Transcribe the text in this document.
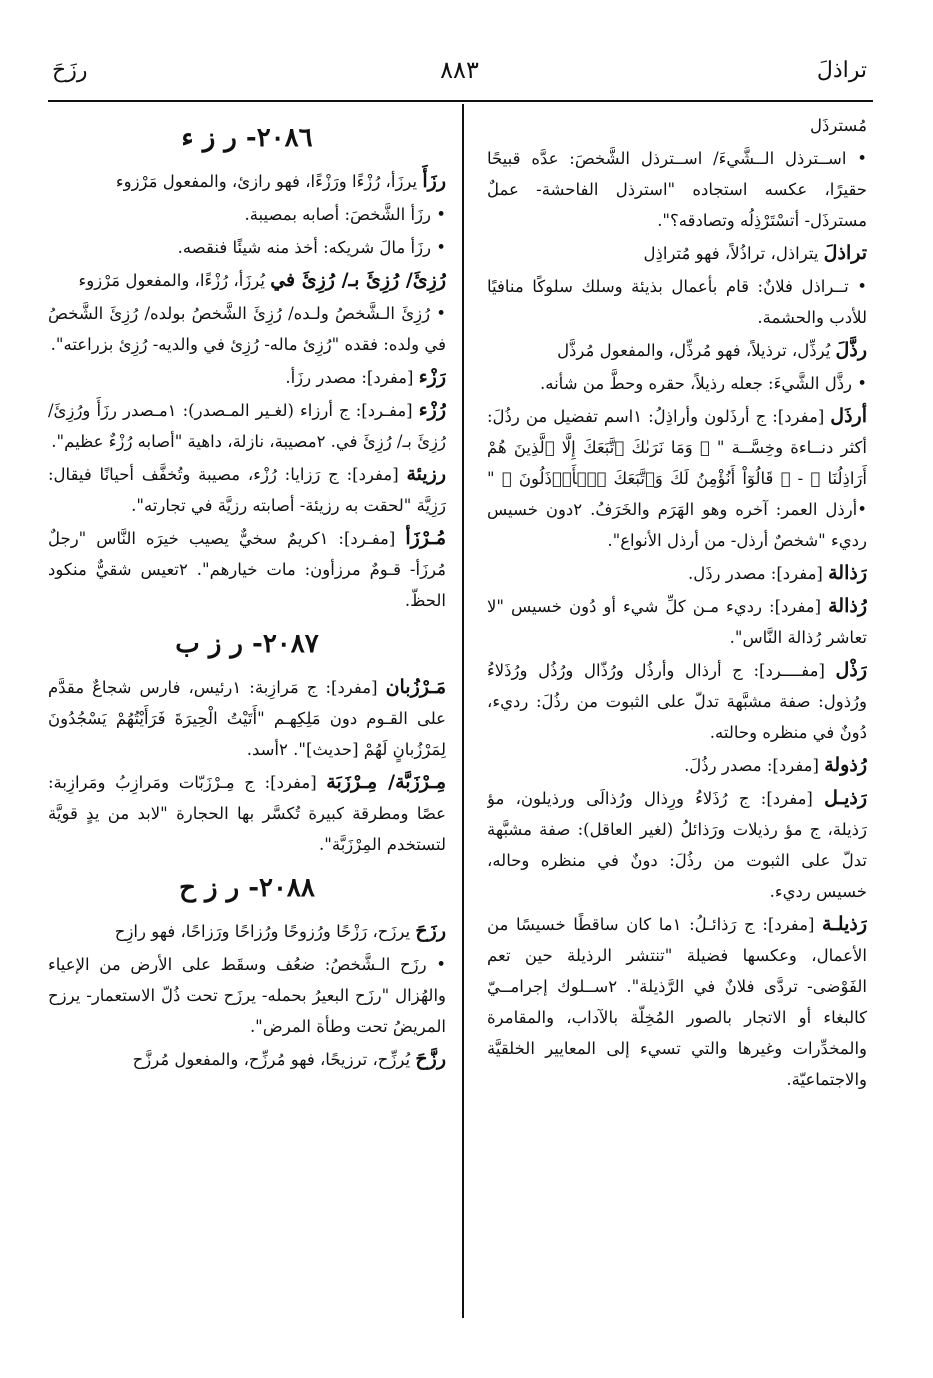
تراذلَ
٨٨٣
رزَحَ

مُسترذَل

• اســترذل الــشَّيءَ/ اســترذل الشَّخصَ: عدَّه قبيحًا حقيرًا، عكسه استجاده "استرذل الفاحشة- عملٌ مسترذَل- أتسْتَرْذِلُه وتصادقه؟".

تراذلَ يتراذل، تراذُلاً، فهو مُتراذِل

• تــراذل فلانٌ: قام بأعمال بذيئة وسلك سلوكًا منافيًا للأدب والحشمة.

رذَّلَ يُرذِّل، ترذيلاً، فهو مُرذِّل، والمفعول مُرذَّل

• رذَّل الشَّيءَ: جعله رذيلاً، حقره وحطَّ من شأنه.

أرذَل [مفرد]: ج أرذَلون وأراذِلُ: ١اسم تفضيل من رذُلَ: أكثر دنــاءة وخِسَّــة " ﴿ وَمَا نَرَىٰكَ ٱتَّبَعَكَ إِلَّا ٱلَّذِينَ هُمْ أَرَاذِلُنَا ﴾ - ﴿ قَالُوٓاْ أَنُؤْمِنُ لَكَ وَٱتَّبَعَكَ ٱلۡأَرۡذَلُونَ ﴾ " •أرذل العمر: آخره وهو الهَرَم والخَرَفُ. ٢دون خسيس رديء "شخصٌ أرذل- من أرذل الأنواع".

رَذالة [مفرد]: مصدر رذَل.

رُذالة [مفرد]: رديء مـن كلِّ شيء أو دُون خسيس "لا تعاشر رُذالة النَّاس".

رَذْل [مفــــرد]: ج أرذال وأرذُل ورُذّال ورُذُل ورُذَلاءُ ورُذول: صفة مشبَّهة تدلّ على الثبوت من رذُلَ: رديء، دُونٌ في منظره وحالته.

رُذولة [مفرد]: مصدر رذُلَ.

رَذيـل [مفرد]: ج رُذَلاءُ ورِذال ورُذالَى ورذيلون، مؤ رَذيلة، ج مؤ رذيلات ورَذائلُ (لغير العاقل): صفة مشبَّهة تدلّ على الثبوت من رذُلَ: دونٌ في منظره وحاله، خسيس رديء.

رَذيلـة [مفرد]: ج رَذائـلُ: ١ما كان ساقطًا خسيسًا من الأعمال، وعكسها فضيلة "تنتشر الرذيلة حين تعم الفَوْضى- تردَّى فلانٌ في الرَّذيلة". ٢ســلوك إجرامــيّ كالبغاء أو الاتجار بالصور المُخِلّة بالآداب، والمقامرة والمخدِّرات وغيرها والتي تسيء إلى المعايير الخلقيَّة والاجتماعيّة.

٢٠٨٦- ر ز ء

رزَأَ يرزَأ، رُزْءًا ورَزْءًا، فهو رازئ، والمفعول مَرْزوء

• رزَأ الشَّخصَ: أصابه بمصيبة.

• رزَأ مالَ شريكه: أخذ منه شيئًا فنقصه.

رُزِئَ/ رُزِئَ بـ/ رُزِئَ في يُرزَأ، رُزْءًا، والمفعول مَرْزوء

• رُزِئَ الـشَّخصُ ولـده/ رُزِئَ الشَّخصُ بولده/ رُزِئَ الشَّخصُ في ولده: فقده "رُزِئ ماله- رُزِئ في والديه- رُزِئ بزراعته".

رَزْء [مفرد]: مصدر رزَأ.

رُزْء [مفـرد]: ج أرزاء (لغـير المـصدر): ١مـصدر رزَأَ ورُزِئَ/ رُزِئَ بـ/ رُزِئَ في. ٢مصيبة، نازلة، داهية "أصابه رُزْءٌ عظيم".

رزيئة [مفرد]: ج رَزايا: رُزْء، مصيبة وتُخفَّف أحيانًا فيقال: رَزِيَّة "لحقت به رزيئة- أصابته رزيَّة في تجارته".

مُـرْزَأ [مفـرد]: ١كريمٌ سخيٌّ يصيب خيرَه النَّاس "رجلٌ مُرزَأ- قـومٌ مرزأون: مات خيارهم". ٢تعيس شقيٌّ منكود الحظّ.

٢٠٨٧- ر ز ب

مَـرْزُبان [مفرد]: ج مَرازِبة: ١رئيس، فارس شجاعٌ مقدَّم على القـوم دون مَلِكِهـم "أَتَيْتُ الْحِيرَةَ فَرَأَيْتُهُمْ يَسْجُدُونَ لِمَرْزُبانٍ لَهُمْ [حديث]". ٢أسد.

مِـرْزَبَّة/ مِـرْزَبَة [مفرد]: ج مِـرْزَبّات ومَرازِبُ ومَرازِبة: عصًا ومطرقة كبيرة تُكسَّر بها الحجارة "لابد من يدٍ قويَّة لتستخدم المِرْزَبَّة".

٢٠٨٨- ر ز ح

رزَحَ يرزَح، رَزْحًا ورُزوحًا ورُزاحًا ورَزاحًا، فهو رازِح

• رزَح الـشَّخصُ: ضعُف وسقَط على الأرض من الإعياء والهُزال "رزَح البعيرُ بحمله- يرزَح تحت ذُلّ الاستعمار- يرزح المريضُ تحت وطأة المرض".

رزَّحَ يُرزِّح، ترزيحًا، فهو مُرزِّح، والمفعول مُرزَّح
